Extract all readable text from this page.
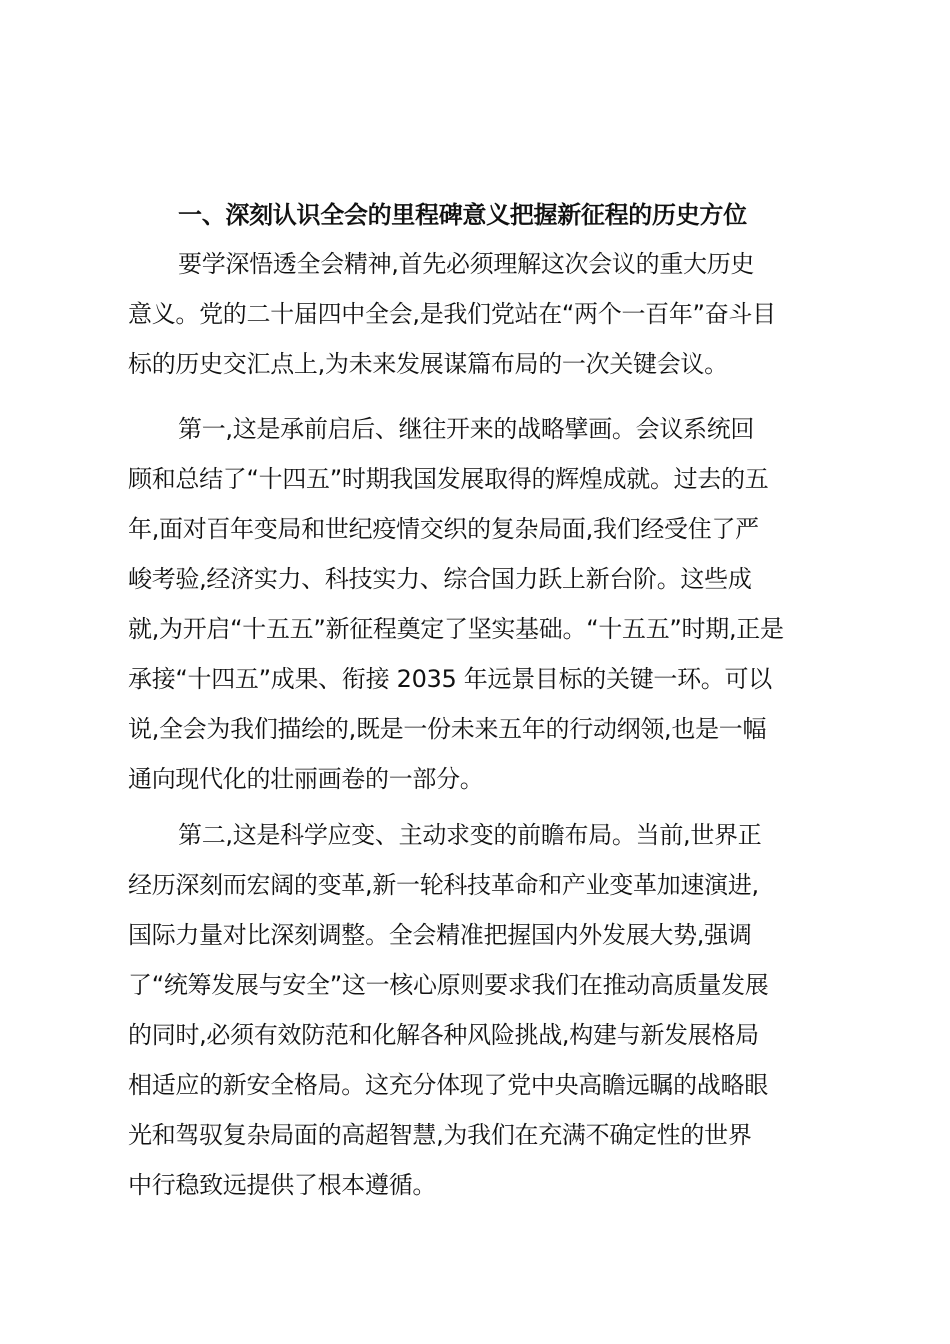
一、深刻认识全会的里程碑意义把握新征程的历史方位
要学深悟透全会精神,首先必须理解这次会议的重大历史
意义。党的二十届四中全会,是我们党站在“两个一百年”奋斗目
标的历史交汇点上,为未来发展谋篇布局的一次关键会议。
第一,这是承前启后、继往开来的战略擘画。会议系统回
顾和总结了“十四五”时期我国发展取得的辉煌成就。过去的五
年,面对百年变局和世纪疫情交织的复杂局面,我们经受住了严
峻考验,经济实力、科技实力、综合国力跃上新台阶。这些成
就,为开启“十五五”新征程奠定了坚实基础。“十五五”时期,正是
承接“十四五”成果、衔接 2035 年远景目标的关键一环。可以
说,全会为我们描绘的,既是一份未来五年的行动纲领,也是一幅
通向现代化的壮丽画卷的一部分。
第二,这是科学应变、主动求变的前瞻布局。当前,世界正
经历深刻而宏阔的变革,新一轮科技革命和产业变革加速演进,
国际力量对比深刻调整。全会精准把握国内外发展大势,强调
了“统筹发展与安全”这一核心原则要求我们在推动高质量发展
的同时,必须有效防范和化解各种风险挑战,构建与新发展格局
相适应的新安全格局。这充分体现了党中央高瞻远瞩的战略眼
光和驾驭复杂局面的高超智慧,为我们在充满不确定性的世界
中行稳致远提供了根本遵循。
